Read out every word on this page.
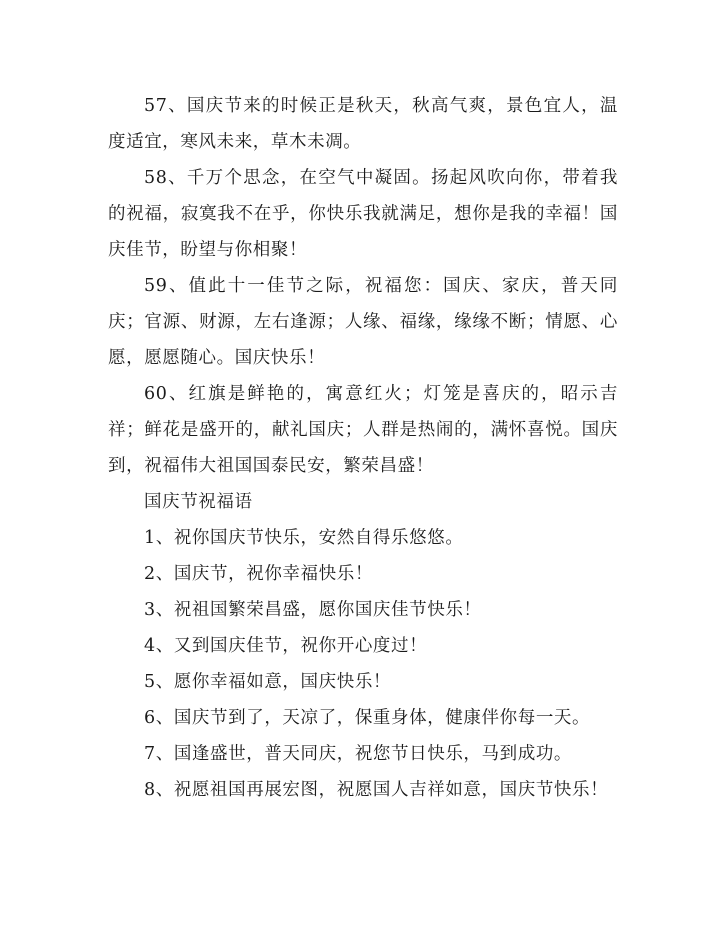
57、国庆节来的时候正是秋天，秋高气爽，景色宜人，温度适宜，寒风未来，草木未凋。

58、千万个思念，在空气中凝固。扬起风吹向你，带着我的祝福，寂寞我不在乎，你快乐我就满足，想你是我的幸福！国庆佳节，盼望与你相聚！

59、值此十一佳节之际，祝福您：国庆、家庆，普天同庆；官源、财源，左右逢源；人缘、福缘，缘缘不断；情愿、心愿，愿愿随心。国庆快乐！

60、红旗是鲜艳的，寓意红火；灯笼是喜庆的，昭示吉祥；鲜花是盛开的，献礼国庆；人群是热闹的，满怀喜悦。国庆到，祝福伟大祖国国泰民安，繁荣昌盛！

国庆节祝福语

1、祝你国庆节快乐，安然自得乐悠悠。

2、国庆节，祝你幸福快乐！

3、祝祖国繁荣昌盛，愿你国庆佳节快乐！

4、又到国庆佳节，祝你开心度过！

5、愿你幸福如意，国庆快乐！

6、国庆节到了，天凉了，保重身体，健康伴你每一天。

7、国逢盛世，普天同庆，祝您节日快乐，马到成功。

8、祝愿祖国再展宏图，祝愿国人吉祥如意，国庆节快乐！
